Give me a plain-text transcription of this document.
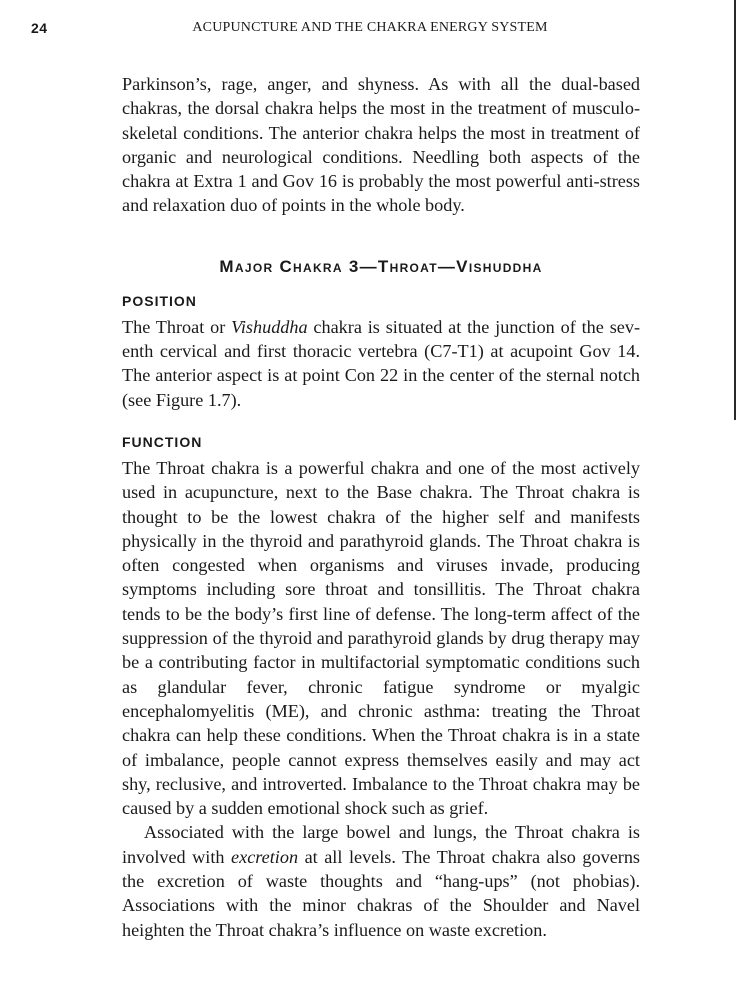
24	ACUPUNCTURE AND THE CHAKRA ENERGY SYSTEM

Parkinson’s, rage, anger, and shyness. As with all the dual-based chakras, the dorsal chakra helps the most in the treatment of musculo-skeletal conditions. The anterior chakra helps the most in treatment of organic and neurological conditions. Needling both aspects of the chakra at Extra 1 and Gov 16 is probably the most powerful anti-stress and relaxation duo of points in the whole body.

Major Chakra 3—Throat—Vishuddha
POSITION

The Throat or Vishuddha chakra is situated at the junction of the seventh cervical and first thoracic vertebra (C7-T1) at acupoint Gov 14. The anterior aspect is at point Con 22 in the center of the sternal notch (see Figure 1.7).

FUNCTION

The Throat chakra is a powerful chakra and one of the most actively used in acupuncture, next to the Base chakra. The Throat chakra is thought to be the lowest chakra of the higher self and manifests physically in the thyroid and parathyroid glands. The Throat chakra is often congested when organisms and viruses invade, producing symptoms including sore throat and tonsillitis. The Throat chakra tends to be the body’s first line of defense. The long-term affect of the suppression of the thyroid and parathyroid glands by drug therapy may be a contributing factor in multifactorial symptomatic conditions such as glandular fever, chronic fatigue syndrome or myalgic encephalomyelitis (ME), and chronic asthma: treating the Throat chakra can help these conditions. When the Throat chakra is in a state of imbalance, people cannot express themselves easily and may act shy, reclusive, and introverted. Imbalance to the Throat chakra may be caused by a sudden emotional shock such as grief.

Associated with the large bowel and lungs, the Throat chakra is involved with excretion at all levels. The Throat chakra also governs the excretion of waste thoughts and “hang-ups” (not phobias). Associations with the minor chakras of the Shoulder and Navel heighten the Throat chakra’s influence on waste excretion.
